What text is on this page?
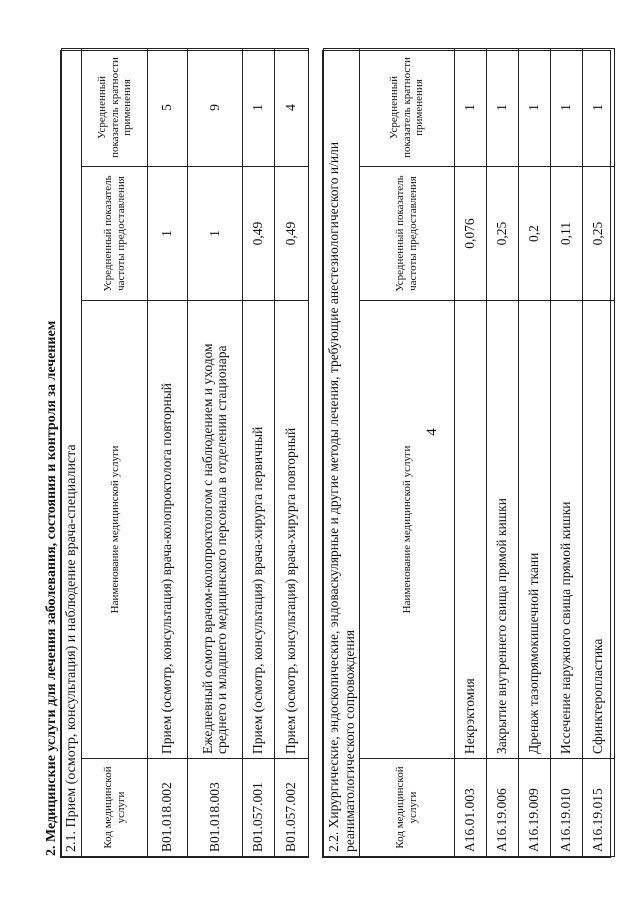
4
2. Медицинские услуги для лечения заболевания, состояния и контроля за лечением 2.1. Прием (осмотр, консультация) и наблюдение врача-специалиста			
Код медицинской услуги	Наименование медицинской услуги	Усредненный показатель частоты предоставления	Усредненный показатель кратности применения
B01.018.002	Прием (осмотр, консультация) врача-колопроктолога повторный	1	5
B01.018.003	Ежедневный осмотр врачом-колопроктологом с наблюдением и уходом среднего и младшего медицинского персонала в отделении стационара	1	9
B01.057.001	Прием (осмотр, консультация) врача-хирурга первичный	0,49	1
B01.057.002	Прием (осмотр, консультация) врача-хирурга повторный	0,49	4
2.2. Хирургические, эндоскопические, эндоваскулярные и другие методы лечения, требующие анестезиологического и/или реаниматологического сопровождения			
Код медицинской услуги	Наименование медицинской услуги	Усредненный показатель частоты предоставления	Усредненный показатель кратности применения
A16.01.003	Некрэктомия	0,076	1
A16.19.006	Закрытие внутреннего свища прямой кишки	0,25	1
A16.19.009	Дренаж тазопрямокишечной ткани	0,2	1
A16.19.010	Иссечение наружного свища прямой кишки	0,11	1
A16.19.015	Сфинктеропластика	0,25	1
